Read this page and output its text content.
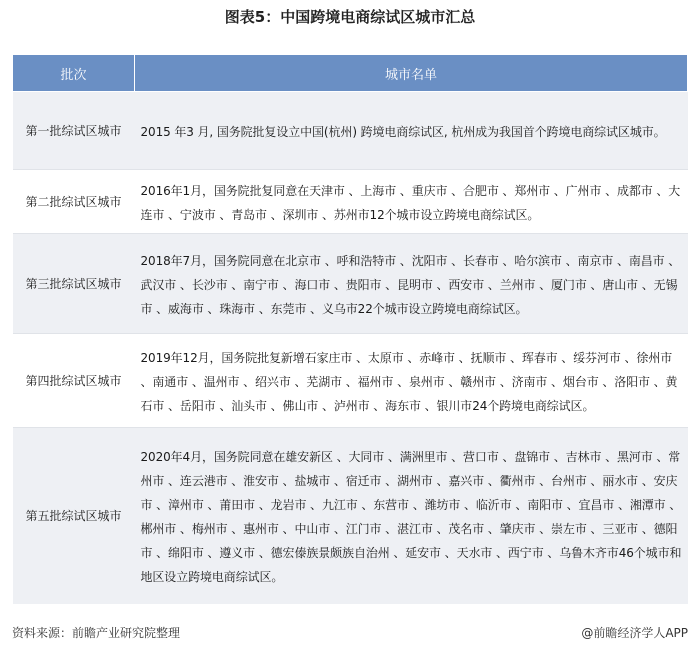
图表5：中国跨境电商综试区城市汇总
批次	城市名单
第一批综试区城市	2015 年3 月, 国务院批复设立中国(杭州) 跨境电商综试区, 杭州成为我国首个跨境电商综试区城市。
第二批综试区城市	2016年1月，国务院批复同意在天津市 、上海市 、重庆市 、合肥市 、郑州市 、广州市 、成都市 、大连市 、宁波市 、青岛市 、深圳市 、苏州市12个城市设立跨境电商综试区。
第三批综试区城市	2018年7月，国务院同意在北京市 、呼和浩特市 、沈阳市 、长春市 、哈尔滨市 、南京市 、南昌市 、武汉市 、长沙市 、南宁市 、海口市 、贵阳市 、昆明市 、西安市 、兰州市 、厦门市 、唐山市 、无锡市 、威海市 、珠海市 、东莞市 、义乌市22个城市设立跨境电商综试区。
第四批综试区城市	2019年12月，国务院批复新增石家庄市 、太原市 、赤峰市 、抚顺市 、珲春市 、绥芬河市 、徐州市 、南通市 、温州市 、绍兴市 、芜湖市 、福州市 、泉州市 、赣州市 、济南市 、烟台市 、洛阳市 、黄石市 、岳阳市 、汕头市 、佛山市 、泸州市 、海东市 、银川市24个跨境电商综试区。
第五批综试区城市	2020年4月，国务院同意在雄安新区 、大同市 、满洲里市 、营口市 、盘锦市 、吉林市 、黑河市 、常州市 、连云港市 、淮安市 、盐城市 、宿迁市 、湖州市 、嘉兴市 、衢州市 、台州市 、丽水市 、安庆市 、漳州市 、莆田市 、龙岩市 、九江市 、东营市 、潍坊市 、临沂市 、南阳市 、宜昌市 、湘潭市 、郴州市 、梅州市 、惠州市 、中山市 、江门市 、湛江市 、茂名市 、肇庆市 、崇左市 、三亚市 、德阳市 、绵阳市 、遵义市 、德宏傣族景颇族自治州 、延安市 、天水市 、西宁市 、乌鲁木齐市46个城市和地区设立跨境电商综试区。
资料来源：前瞻产业研究院整理	@前瞻经济学人APP
